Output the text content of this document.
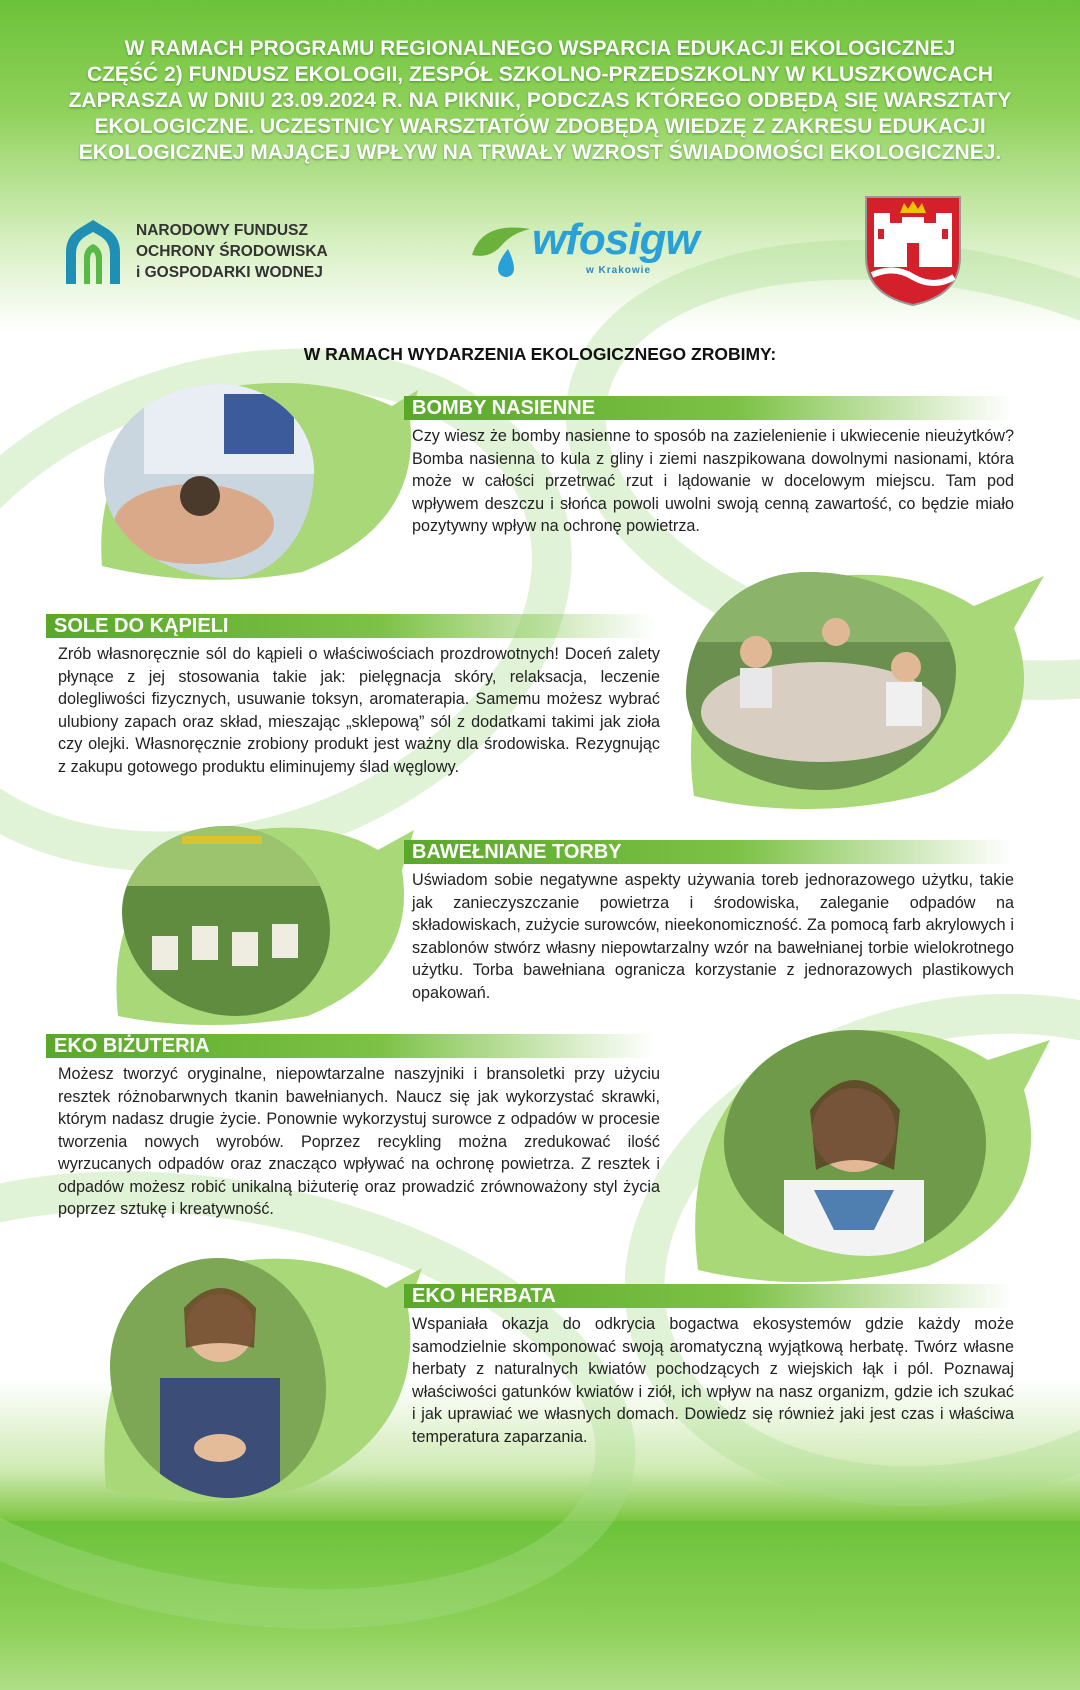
W RAMACH PROGRAMU REGIONALNEGO WSPARCIA EDUKACJI EKOLOGICZNEJ
CZĘŚĆ 2) FUNDUSZ EKOLOGII, ZESPÓŁ SZKOLNO-PRZEDSZKOLNY W KLUSZKOWCACH
ZAPRASZA W DNIU 23.09.2024 R. NA PIKNIK, PODCZAS KTÓREGO ODBĘDĄ SIĘ WARSZTATY
EKOLOGICZNE. UCZESTNICY WARSZTATÓW ZDOBĘDĄ WIEDZĘ Z ZAKRESU EDUKACJI
EKOLOGICZNEJ MAJĄCEJ WPŁYW NA TRWAŁY WZROST ŚWIADOMOŚCI EKOLOGICZNEJ.
NARODOWY FUNDUSZ
OCHRONY ŚRODOWISKA
i GOSPODARKI WODNEJ
wfosigw
w Krakowie
W RAMACH WYDARZENIA EKOLOGICZNEGO ZROBIMY:
BOMBY NASIENNE
Czy wiesz że bomby nasienne to sposób na zazielenienie i ukwiecenie nieużytków? Bomba nasienna to kula z gliny i ziemi naszpikowana dowolnymi nasionami, która może w całości przetrwać rzut i lądowanie w docelowym miejscu. Tam pod wpływem deszczu i słońca powoli uwolni swoją cenną zawartość, co będzie miało pozytywny wpływ na ochronę powietrza.
SOLE DO KĄPIELI
Zrób własnoręcznie sól do kąpieli o właściwościach prozdrowotnych! Doceń zalety płynące z jej stosowania takie jak: pielęgnacja skóry, relaksacja, leczenie dolegliwości fizycznych, usuwanie toksyn, aromaterapia. Samemu możesz wybrać ulubiony zapach oraz skład, mieszając „sklepową” sól z dodatkami takimi jak zioła czy olejki. Własnoręcznie zrobiony produkt jest ważny dla środowiska. Rezygnując z zakupu gotowego produktu eliminujemy ślad węglowy.
BAWEŁNIANE TORBY
Uświadom sobie negatywne aspekty używania toreb jednorazowego użytku, takie jak zanieczyszczanie powietrza i środowiska, zaleganie odpadów na składowiskach, zużycie surowców, nieekonomiczność. Za pomocą farb akrylowych i szablonów stwórz własny niepowtarzalny wzór na bawełnianej torbie wielokrotnego użytku. Torba bawełniana ogranicza korzystanie z jednorazowych plastikowych opakowań.
EKO BIŻUTERIA
Możesz tworzyć oryginalne, niepowtarzalne naszyjniki i bransoletki przy użyciu resztek różnobarwnych tkanin bawełnianych. Naucz się jak wykorzystać skrawki, którym nadasz drugie życie. Ponownie wykorzystuj surowce z odpadów w procesie tworzenia nowych wyrobów. Poprzez recykling można zredukować ilość wyrzucanych odpadów oraz znacząco wpływać na ochronę powietrza. Z resztek i odpadów możesz robić unikalną biżuterię oraz prowadzić zrównoważony styl życia poprzez sztukę i kreatywność.
EKO HERBATA
Wspaniała okazja do odkrycia bogactwa ekosystemów gdzie każdy może samodzielnie skomponować swoją aromatyczną wyjątkową herbatę. Twórz własne herbaty z naturalnych kwiatów pochodzących z wiejskich łąk i pól. Poznawaj właściwości gatunków kwiatów i ziół, ich wpływ na nasz organizm, gdzie ich szukać i jak uprawiać we własnych domach. Dowiedz się również jaki jest czas i właściwa temperatura zaparzania.
